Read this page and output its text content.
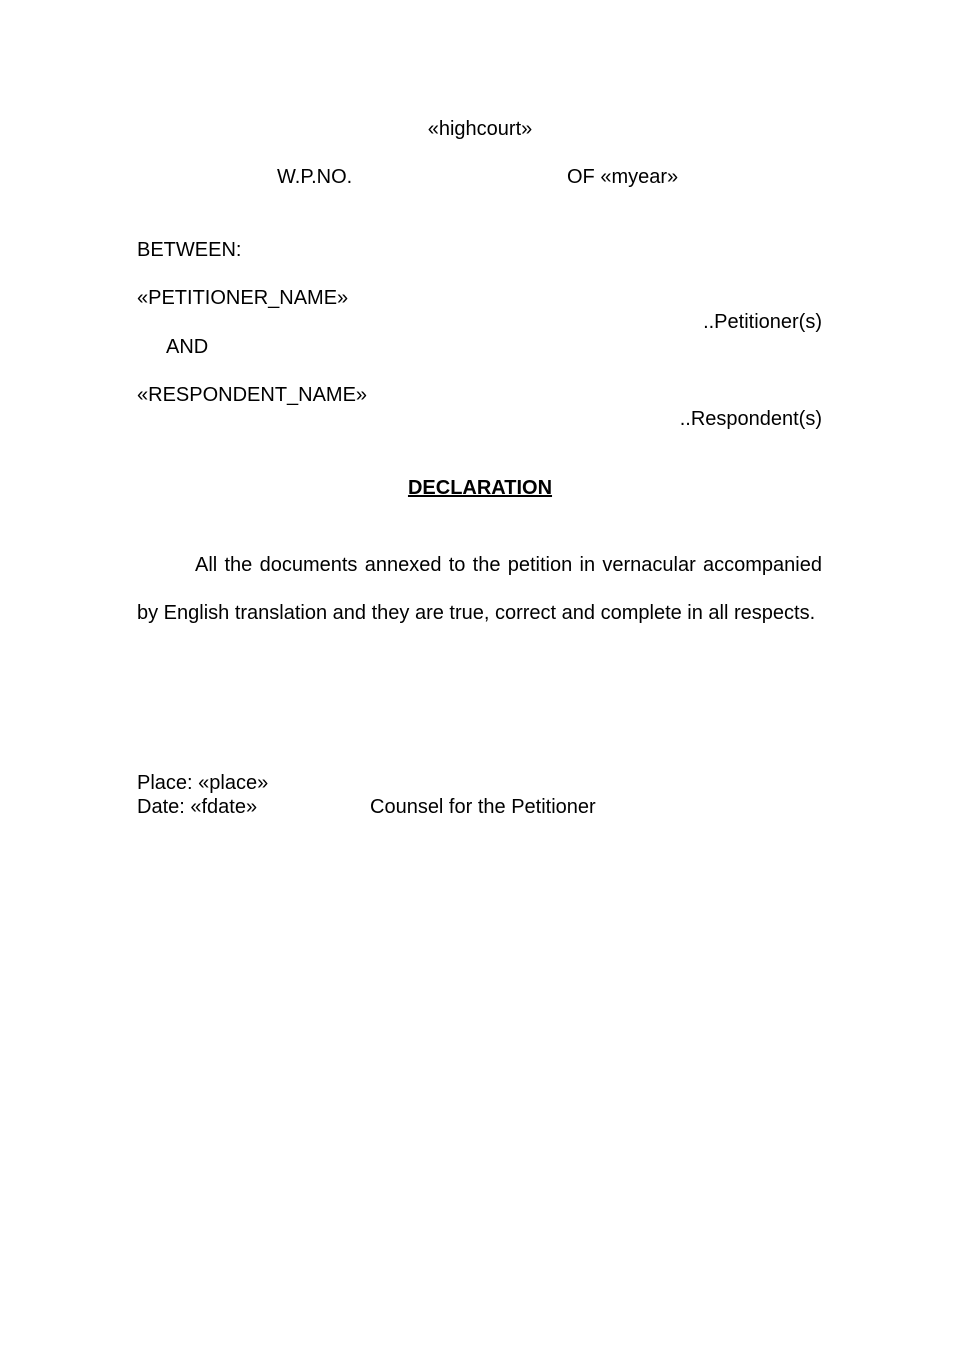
«highcourt»
W.P.NO.	OF «myear»
BETWEEN:
«PETITIONER_NAME»
..Petitioner(s)
AND
«RESPONDENT_NAME»
..Respondent(s)
DECLARATION
All the documents annexed to the petition in vernacular accompanied by English translation and they are true, correct and complete in all respects.
Place: «place»
Date: «fdate»	Counsel for the Petitioner
